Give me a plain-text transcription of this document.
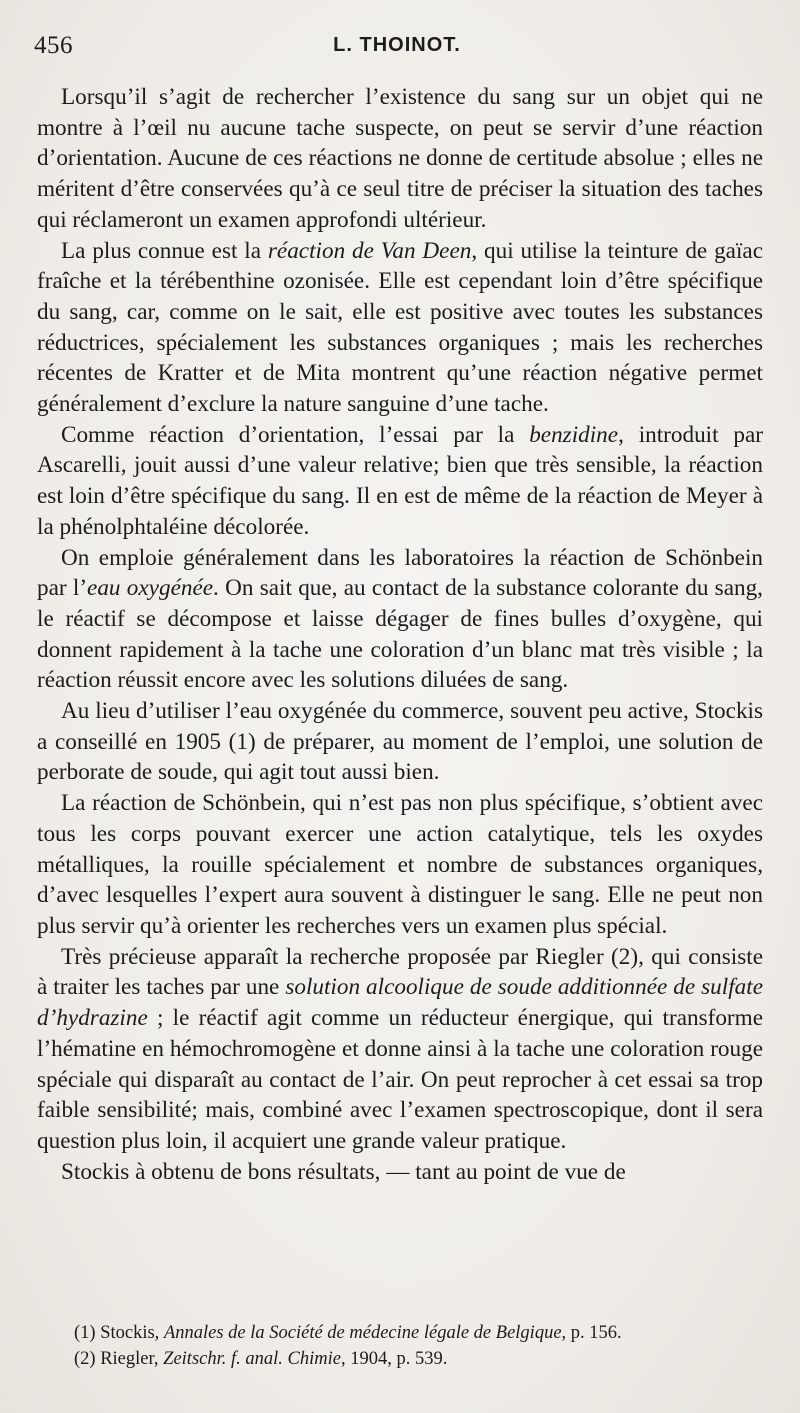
456	L. THOINOT.

Lorsqu’il s’agit de rechercher l’existence du sang sur un objet qui ne montre à l’œil nu aucune tache suspecte, on peut se servir d’une réaction d’orientation. Aucune de ces réactions ne donne de certitude absolue ; elles ne méritent d’être conservées qu’à ce seul titre de préciser la situation des taches qui réclameront un examen approfondi ultérieur.

La plus connue est la réaction de Van Deen, qui utilise la teinture de gaïac fraîche et la térébenthine ozonisée. Elle est cependant loin d’être spécifique du sang, car, comme on le sait, elle est positive avec toutes les substances réductrices, spécialement les substances organiques ; mais les recherches récentes de Kratter et de Mita montrent qu’une réaction négative permet généralement d’exclure la nature sanguine d’une tache.

Comme réaction d’orientation, l’essai par la benzidine, introduit par Ascarelli, jouit aussi d’une valeur relative; bien que très sensible, la réaction est loin d’être spécifique du sang. Il en est de même de la réaction de Meyer à la phénolphtaléine décolorée.

On emploie généralement dans les laboratoires la réaction de Schönbein par l’eau oxygénée. On sait que, au contact de la substance colorante du sang, le réactif se décompose et laisse dégager de fines bulles d’oxygène, qui donnent rapidement à la tache une coloration d’un blanc mat très visible ; la réaction réussit encore avec les solutions diluées de sang.

Au lieu d’utiliser l’eau oxygénée du commerce, souvent peu active, Stockis a conseillé en 1905 (1) de préparer, au moment de l’emploi, une solution de perborate de soude, qui agit tout aussi bien.

La réaction de Schönbein, qui n’est pas non plus spécifique, s’obtient avec tous les corps pouvant exercer une action catalytique, tels les oxydes métalliques, la rouille spécialement et nombre de substances organiques, d’avec lesquelles l’expert aura souvent à distinguer le sang. Elle ne peut non plus servir qu’à orienter les recherches vers un examen plus spécial.

Très précieuse apparaît la recherche proposée par Riegler (2), qui consiste à traiter les taches par une solution alcoolique de soude additionnée de sulfate d’hydrazine ; le réactif agit comme un réducteur énergique, qui transforme l’hématine en hémochromogène et donne ainsi à la tache une coloration rouge spéciale qui disparaît au contact de l’air. On peut reprocher à cet essai sa trop faible sensibilité; mais, combiné avec l’examen spectroscopique, dont il sera question plus loin, il acquiert une grande valeur pratique.

Stockis à obtenu de bons résultats, — tant au point de vue de

(1) Stockis, Annales de la Société de médecine légale de Belgique, p. 156.

(2) Riegler, Zeitschr. f. anal. Chimie, 1904, p. 539.
